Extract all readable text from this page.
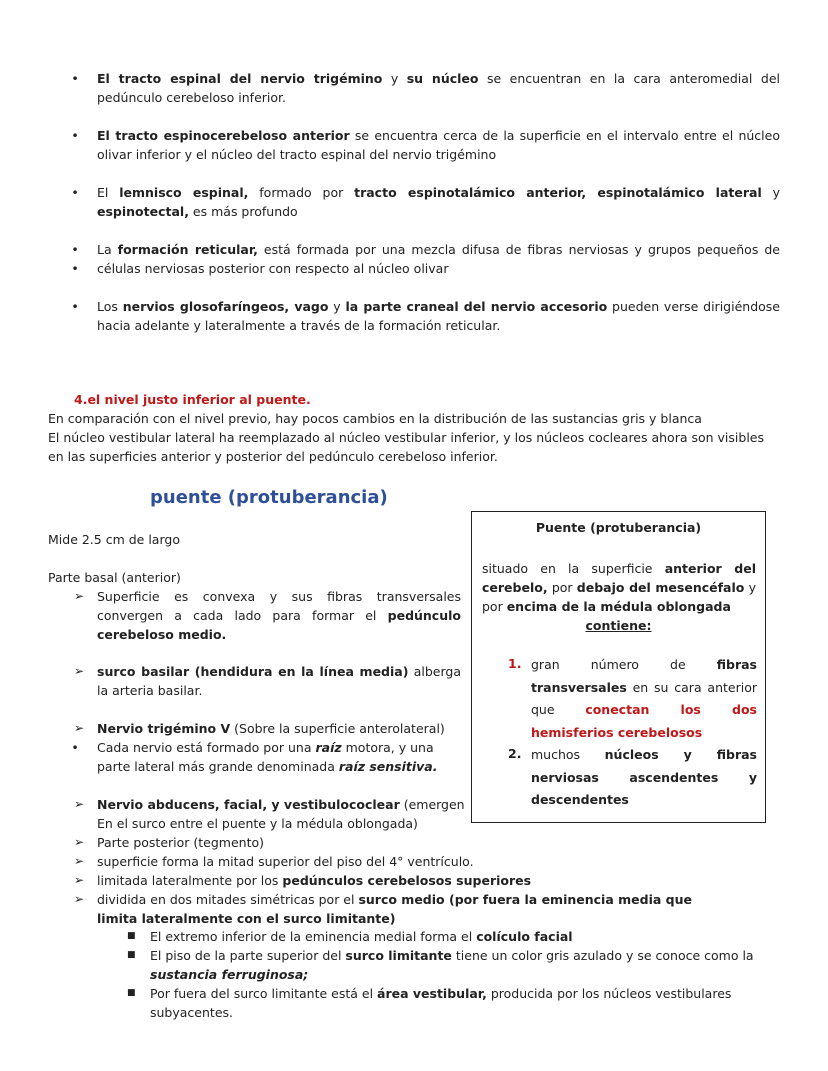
• El tracto espinal del nervio trigémino y su núcleo se encuentran en la cara anteromedial del pedúnculo cerebeloso inferior.
• El tracto espinocerebeloso anterior se encuentra cerca de la superficie en el intervalo entre el núcleo olivar inferior y el núcleo del tracto espinal del nervio trigémino
• El lemnisco espinal, formado por tracto espinotalámico anterior, espinotalámico lateral y espinotectal, es más profundo
•
•
La formación reticular, está formada por una mezcla difusa de fibras nerviosas y grupos pequeños de células nerviosas posterior con respecto al núcleo olivar
• Los nervios glosofaríngeos, vago y la parte craneal del nervio accesorio pueden verse dirigiéndose hacia adelante y lateralmente a través de la formación reticular.
4.el nivel justo inferior al puente.
En comparación con el nivel previo, hay pocos cambios en la distribución de las sustancias gris y blanca
El núcleo vestibular lateral ha reemplazado al núcleo vestibular inferior, y los núcleos cocleares ahora son visibles en las superficies anterior y posterior del pedúnculo cerebeloso inferior.
puente (protuberancia)
Mide 2.5 cm de largo
Parte basal (anterior)
➢ Superficie es convexa y sus fibras transversales convergen a cada lado para formar el pedúnculo cerebeloso medio.
➢ surco basilar (hendidura en la línea media) alberga la arteria basilar.
➢ Nervio trigémino V (Sobre la superficie anterolateral)
• Cada nervio está formado por una raíz motora, y una parte lateral más grande denominada raíz sensitiva.
➢ Nervio abducens, facial, y vestibulococlear (emergen En el surco entre el puente y la médula oblongada)
➢ Parte posterior (tegmento)
➢ superficie forma la mitad superior del piso del 4° ventrículo.
➢ limitada lateralmente por los pedúnculos cerebelosos superiores
➢ dividida en dos mitades simétricas por el surco medio (por fuera la eminencia media que limita lateralmente con el surco limitante)
■ El extremo inferior de la eminencia medial forma el colículo facial
■ El piso de la parte superior del surco limitante tiene un color gris azulado y se conoce como la sustancia ferruginosa;
■ Por fuera del surco limitante está el área vestibular, producida por los núcleos vestibulares subyacentes.
Puente (protuberancia)
situado en la superficie anterior del cerebelo, por debajo del mesencéfalo y por encima de la médula oblongada
contiene:
1. gran número de fibras transversales en su cara anterior que conectan los dos hemisferios cerebelosos
2. muchos núcleos y fibras nerviosas ascendentes y descendentes
